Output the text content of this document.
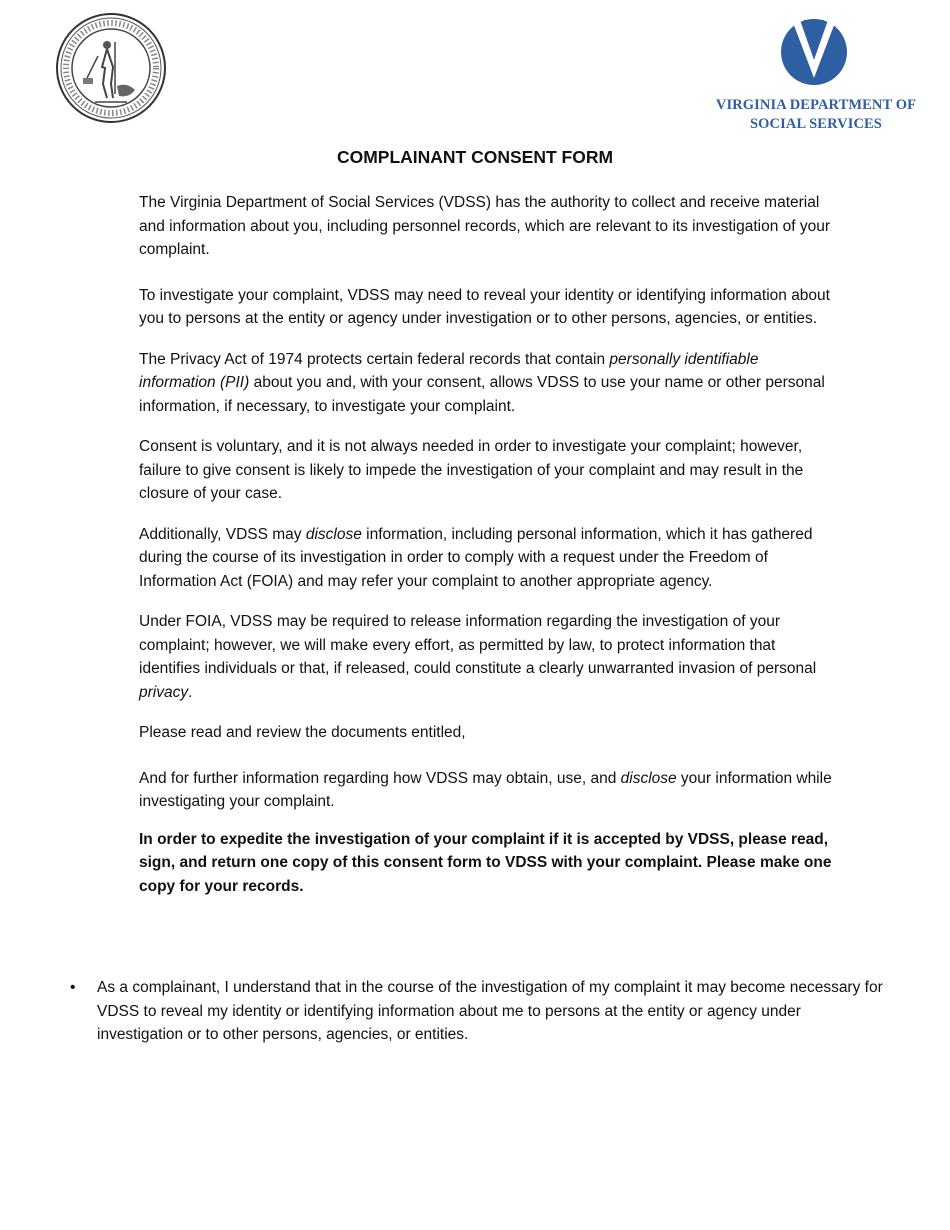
VIRGINIA DEPARTMENT OF
SOCIAL SERVICES
COMPLAINANT CONSENT FORM

The Virginia Department of Social Services (VDSS) has the authority to collect and receive material and information about you, including personnel records, which are relevant to its investigation of your complaint.

To investigate your complaint, VDSS may need to reveal your identity or identifying information about you to persons at the entity or agency under investigation or to other persons, agencies, or entities.

The Privacy Act of 1974 protects certain federal records that contain personally identifiable information (PII) about you and, with your consent, allows VDSS to use your name or other personal information, if necessary, to investigate your complaint.

Consent is voluntary, and it is not always needed in order to investigate your complaint; however, failure to give consent is likely to impede the investigation of your complaint and may result in the closure of your case.

Additionally, VDSS may disclose information, including personal information, which it has gathered during the course of its investigation in order to comply with a request under the Freedom of Information Act (FOIA) and may refer your complaint to another appropriate agency.

Under FOIA, VDSS may be required to release information regarding the investigation of your complaint; however, we will make every effort, as permitted by law, to protect information that identifies individuals or that, if released, could constitute a clearly unwarranted invasion of personal privacy.

Please read and review the documents entitled,

And for further information regarding how VDSS may obtain, use, and disclose your information while investigating your complaint.

In order to expedite the investigation of your complaint if it is accepted by VDSS, please read, sign, and return one copy of this consent form to VDSS with your complaint. Please make one copy for your records.

• As a complainant, I understand that in the course of the investigation of my complaint it may become necessary for VDSS to reveal my identity or identifying information about me to persons at the entity or agency under investigation or to other persons, agencies, or entities.
